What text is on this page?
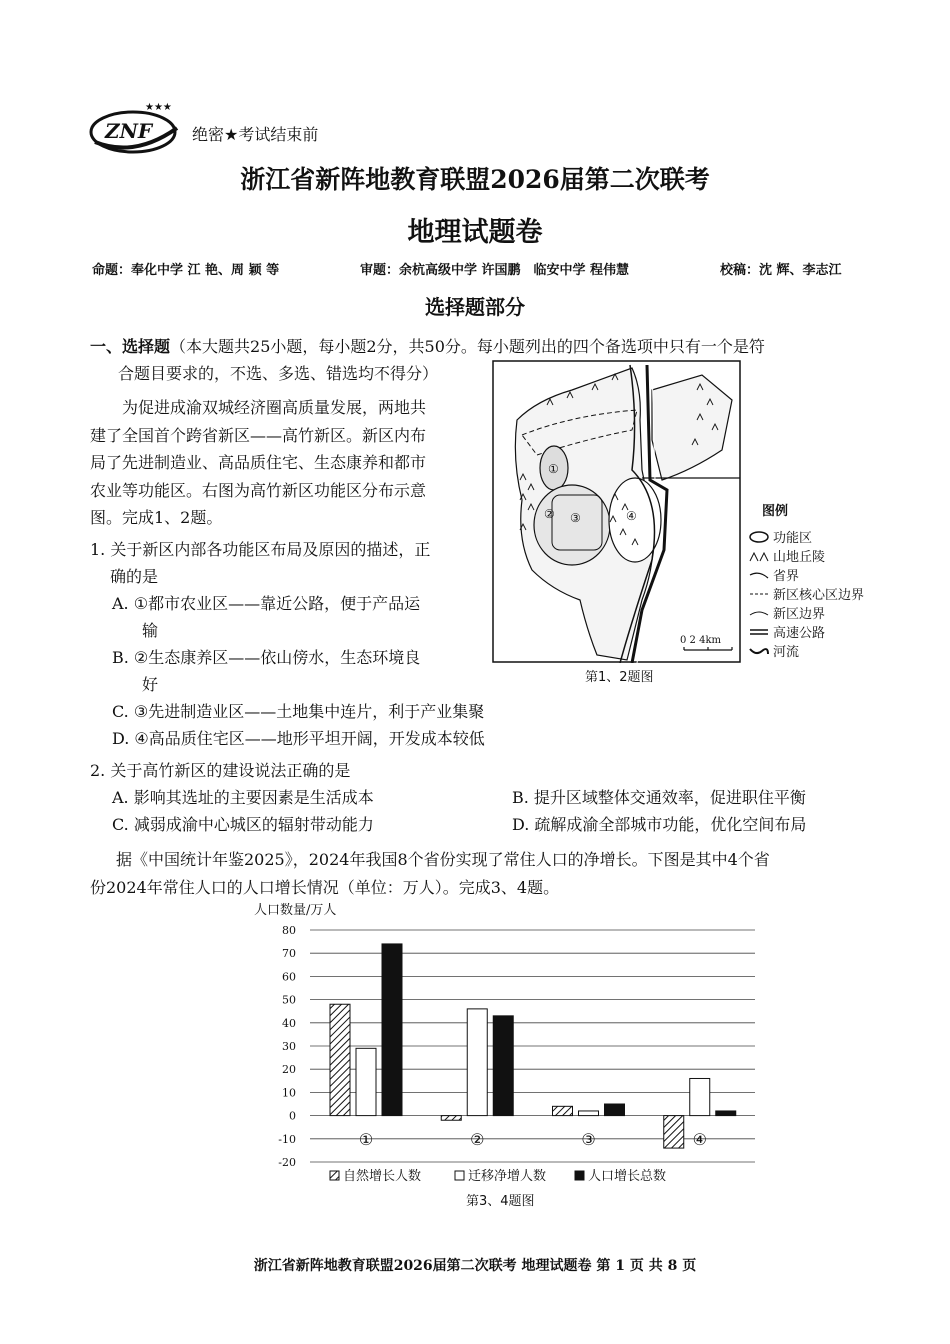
ZNF
★★★
绝密★考试结束前
浙江省新阵地教育联盟2026届第二次联考
地理试题卷
命题：奉化中学 江 艳、周 颖 等	审题：余杭高级中学 许国鹏　临安中学 程伟慧	校稿：沈 辉、李志江
选择题部分
一、选择题（本大题共25小题，每小题2分，共50分。每小题列出的四个备选项中只有一个是符
合题目要求的，不选、多选、错选均不得分）
为促进成渝双城经济圈高质量发展，两地共
建了全国首个跨省新区——高竹新区。新区内布
局了先进制造业、高品质住宅、生态康养和都市
农业等功能区。右图为高竹新区功能区分布示意
图。完成1、2题。
1. 关于新区内部各功能区布局及原因的描述，正
确的是
A. ①都市农业区——靠近公路，便于产品运
输
B. ②生态康养区——依山傍水，生态环境良
好
C. ③先进制造业区——土地集中连片，利于产业集聚
D. ④高品质住宅区——地形平坦开阔，开发成本较低
2. 关于高竹新区的建设说法正确的是
A. 影响其选址的主要因素是生活成本	B. 提升区域整体交通效率，促进职住平衡
C. 减弱成渝中心城区的辐射带动能力	D. 疏解成渝全部城市功能，优化空间布局
①
② ③	④
0 2 4km
第1、2题图
图例
功能区
山地丘陵
省界
新区核心区边界
新区边界
高速公路
河流
据《中国统计年鉴2025》，2024年我国8个省份实现了常住人口的净增长。下图是其中4个省
份2024年常住人口的人口增长情况（单位：万人）。完成3、4题。
人口数量/万人
80
70
60
50
40
30
20
10
0
-10
-20
①	②	③	④
自然增长人数	迁移净增人数	人口增长总数
第3、4题图
浙江省新阵地教育联盟2026届第二次联考 地理试题卷 第 1 页 共 8 页
